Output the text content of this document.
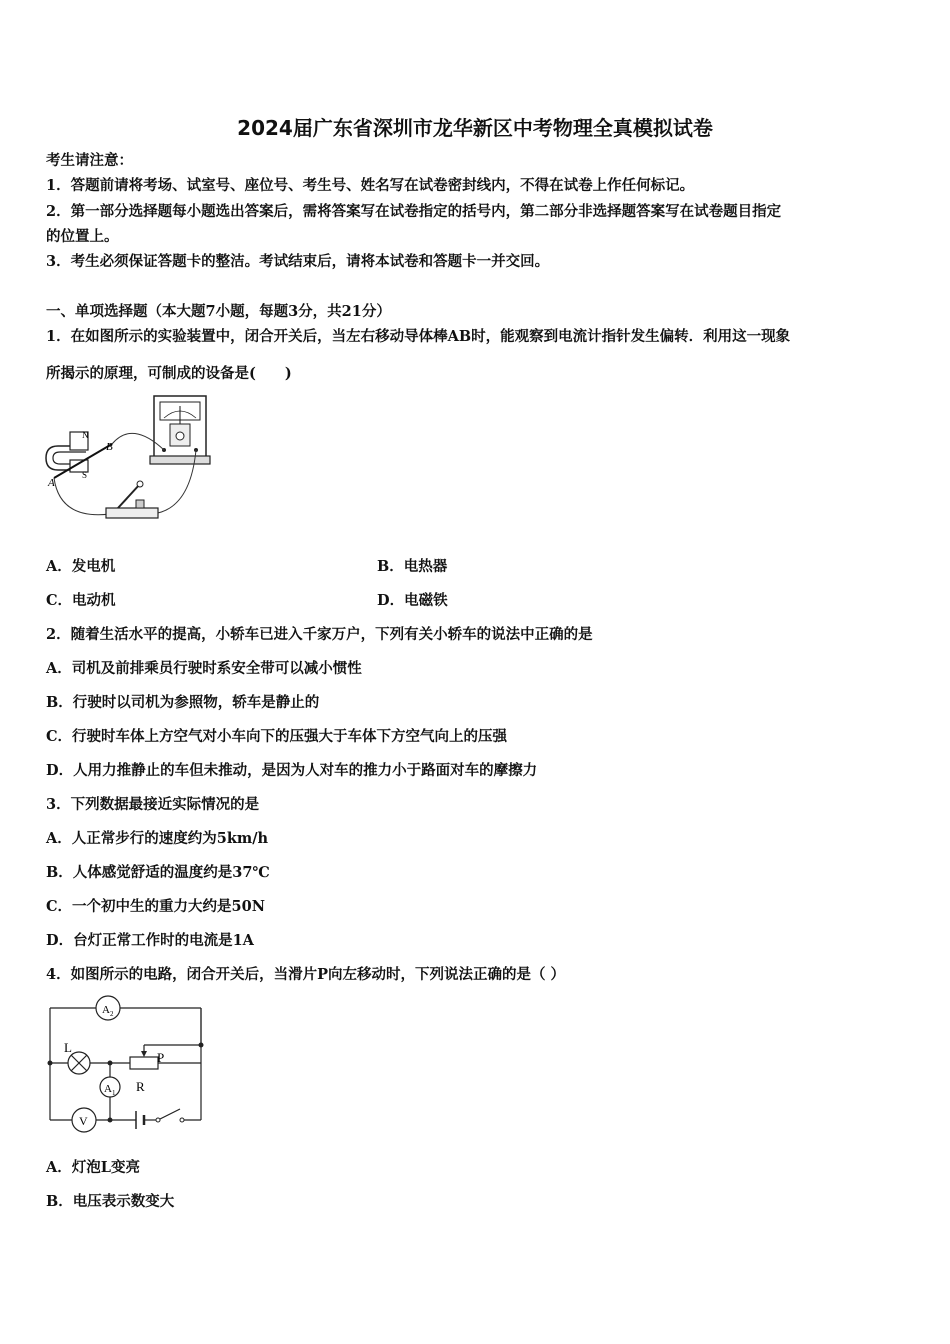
2024届广东省深圳市龙华新区中考物理全真模拟试卷
考生请注意：
1．答题前请将考场、试室号、座位号、考生号、姓名写在试卷密封线内，不得在试卷上作任何标记。
2．第一部分选择题每小题选出答案后，需将答案写在试卷指定的括号内，第二部分非选择题答案写在试卷题目指定
的位置上。
3．考生必须保证答题卡的整洁。考试结束后，请将本试卷和答题卡一并交回。
一、单项选择题（本大题7小题，每题3分，共21分）
1．在如图所示的实验装置中，闭合开关后，当左右移动导体棒AB时，能观察到电流计指针发生偏转．利用这一现象
所揭示的原理，可制成的设备是(　　)
N
S
A
B
A．发电机	B．电热器
C．电动机	D．电磁铁
2．随着生活水平的提高，小轿车已进入千家万户，下列有关小轿车的说法中正确的是
A．司机及前排乘员行驶时系安全带可以减小惯性
B．行驶时以司机为参照物，轿车是静止的
C．行驶时车体上方空气对小车向下的压强大于车体下方空气向上的压强
D．人用力推静止的车但未推动，是因为人对车的推力小于路面对车的摩擦力
3．下列数据最接近实际情况的是
A．人正常步行的速度约为5km/h
B．人体感觉舒适的温度约是37℃
C．一个初中生的重力大约是50N
D．台灯正常工作时的电流是1A
4．如图所示的电路，闭合开关后，当滑片P向左移动时，下列说法正确的是（ ）
A 2
L
P
R
A 1
V
A．灯泡L变亮
B．电压表示数变大
